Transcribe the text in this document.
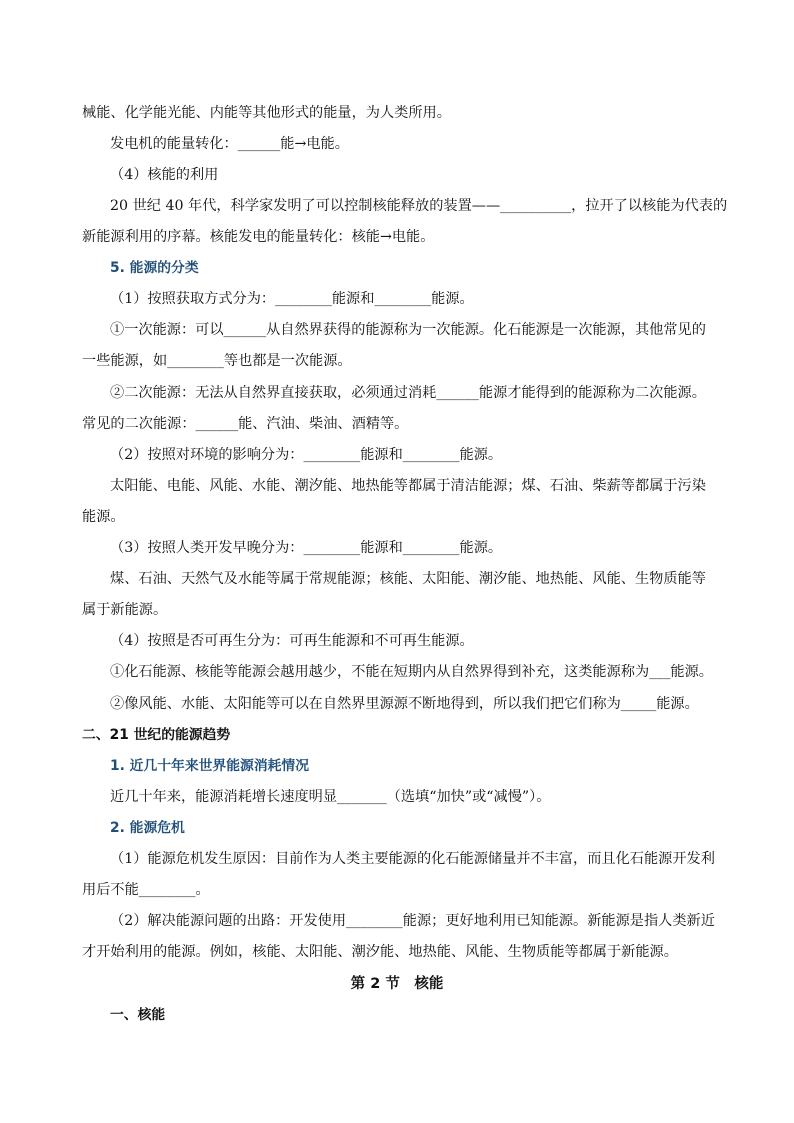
械能、化学能光能、内能等其他形式的能量，为人类所用。
发电机的能量转化：______能→电能。
（4）核能的利用
20 世纪 40 年代，科学家发明了可以控制核能释放的装置——__________，拉开了以核能为代表的
新能源利用的序幕。核能发电的能量转化：核能→电能。
5. 能源的分类
（1）按照获取方式分为：________能源和________能源。
①一次能源：可以______从自然界获得的能源称为一次能源。化石能源是一次能源，其他常见的
一些能源，如________等也都是一次能源。
②二次能源：无法从自然界直接获取，必须通过消耗______能源才能得到的能源称为二次能源。
常见的二次能源：______能、汽油、柴油、酒精等。
（2）按照对环境的影响分为：________能源和________能源。
太阳能、电能、风能、水能、潮汐能、地热能等都属于清洁能源；煤、石油、柴薪等都属于污染
能源。
（3）按照人类开发早晚分为：________能源和________能源。
煤、石油、天然气及水能等属于常规能源；核能、太阳能、潮汐能、地热能、风能、生物质能等
属于新能源。
（4）按照是否可再生分为：可再生能源和不可再生能源。
①化石能源、核能等能源会越用越少，不能在短期内从自然界得到补充，这类能源称为___能源。
②像风能、水能、太阳能等可以在自然界里源源不断地得到，所以我们把它们称为_____能源。
二、21 世纪的能源趋势
1. 近几十年来世界能源消耗情况
近几十年来，能源消耗增长速度明显_______（选填“加快”或“减慢”）。
2. 能源危机
（1）能源危机发生原因：目前作为人类主要能源的化石能源储量并不丰富，而且化石能源开发利
用后不能________。
（2）解决能源问题的出路：开发使用________能源；更好地利用已知能源。新能源是指人类新近
才开始利用的能源。例如，核能、太阳能、潮汐能、地热能、风能、生物质能等都属于新能源。
第 2 节　核能
一、核能
